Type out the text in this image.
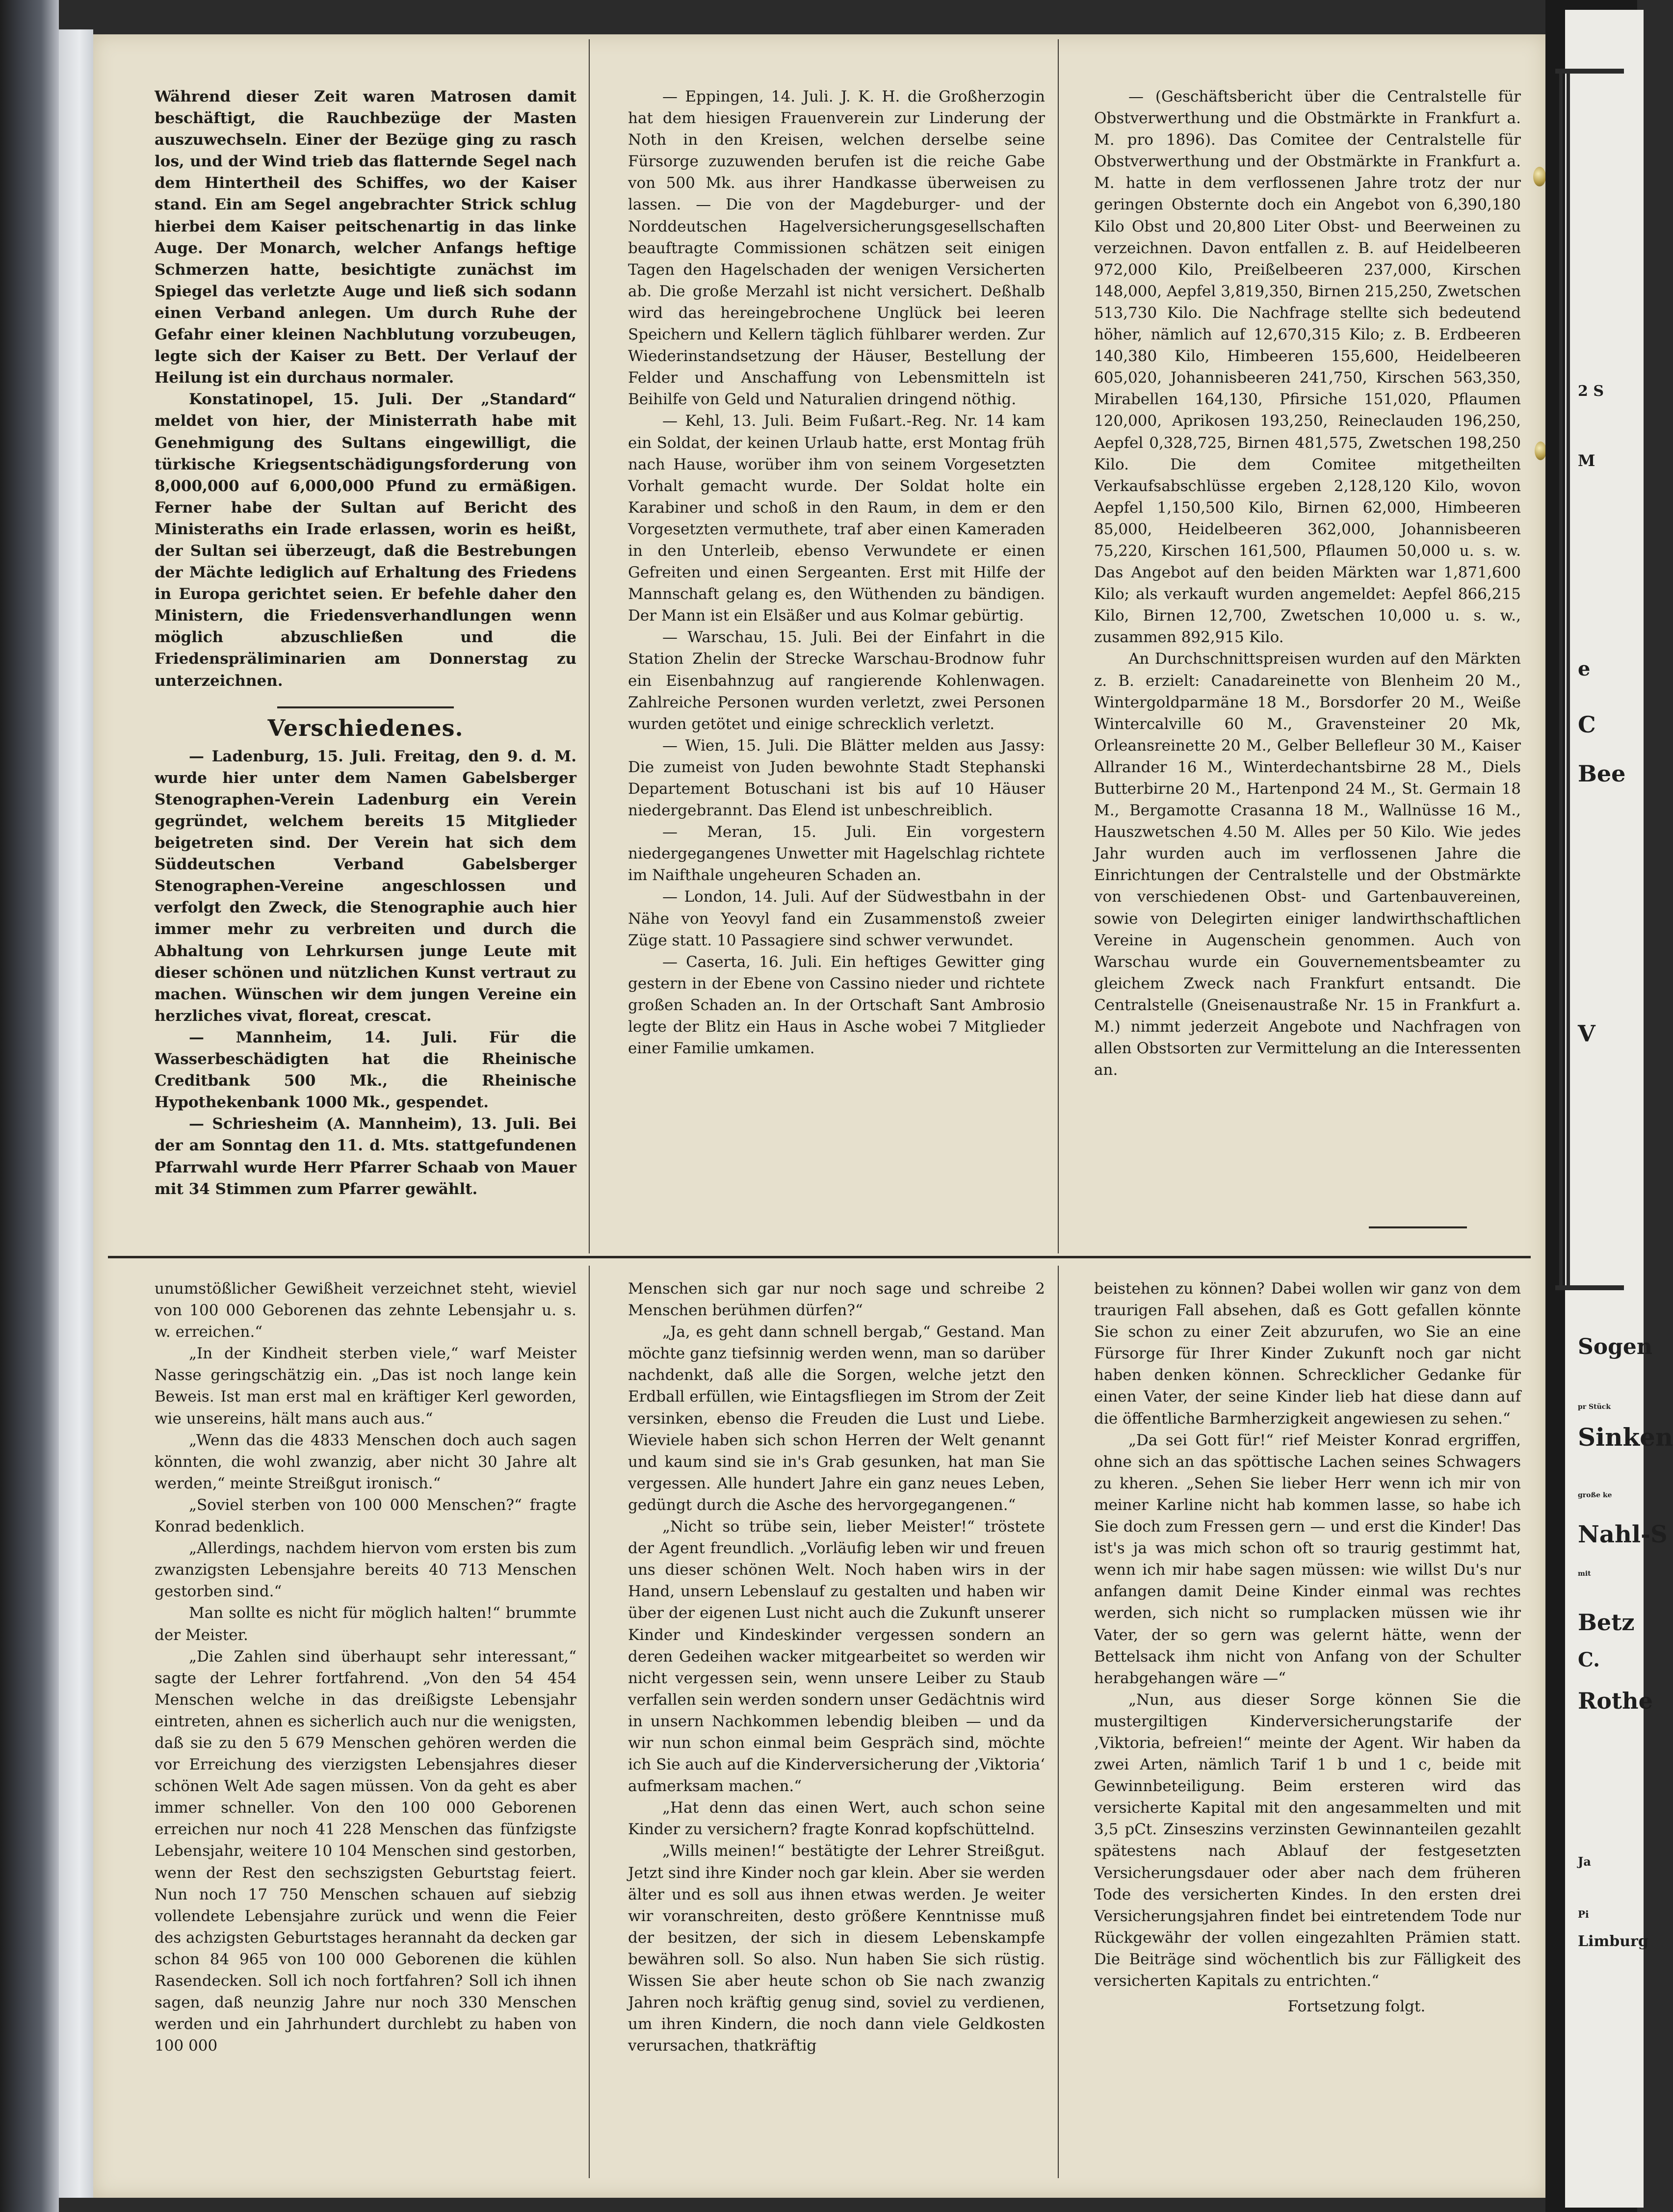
Während dieser Zeit waren Matrosen damit beschäftigt, die Rauchbezüge der Masten auszuwechseln. Einer der Bezüge ging zu rasch los, und der Wind trieb das flatternde Segel nach dem Hintertheil des Schiffes, wo der Kaiser stand. Ein am Segel angebrachter Strick schlug hierbei dem Kaiser peitschenartig in das linke Auge. Der Monarch, welcher Anfangs heftige Schmerzen hatte, besichtigte zunächst im Spiegel das verletzte Auge und ließ sich sodann einen Verband anlegen. Um durch Ruhe der Gefahr einer kleinen Nachblutung vorzubeugen, legte sich der Kaiser zu Bett. Der Verlauf der Heilung ist ein durchaus normaler.

Konstatinopel, 15. Juli. Der „Standard“ meldet von hier, der Ministerrath habe mit Genehmigung des Sultans eingewilligt, die türkische Kriegsentschädigungsforderung von 8,000,000 auf 6,000,000 Pfund zu ermäßigen. Ferner habe der Sultan auf Bericht des Ministeraths ein Irade erlassen, worin es heißt, der Sultan sei überzeugt, daß die Bestrebungen der Mächte lediglich auf Erhaltung des Friedens in Europa gerichtet seien. Er befehle daher den Ministern, die Friedensverhandlungen wenn möglich abzuschließen und die Friedenspräliminarien am Donnerstag zu unterzeichnen.

Verschiedenes.

— Ladenburg, 15. Juli. Freitag, den 9. d. M. wurde hier unter dem Namen Gabelsberger Stenographen-Verein Ladenburg ein Verein gegründet, welchem bereits 15 Mitglieder beigetreten sind. Der Verein hat sich dem Süddeutschen Verband Gabelsberger Stenographen-Vereine angeschlossen und verfolgt den Zweck, die Stenographie auch hier immer mehr zu verbreiten und durch die Abhaltung von Lehrkursen junge Leute mit dieser schönen und nützlichen Kunst vertraut zu machen. Wünschen wir dem jungen Vereine ein herzliches vivat, floreat, crescat.

— Mannheim, 14. Juli. Für die Wasserbeschädigten hat die Rheinische Creditbank 500 Mk., die Rheinische Hypothekenbank 1000 Mk., gespendet.

— Schriesheim (A. Mannheim), 13. Juli. Bei der am Sonntag den 11. d. Mts. stattgefundenen Pfarrwahl wurde Herr Pfarrer Schaab von Mauer mit 34 Stimmen zum Pfarrer gewählt.

— Eppingen, 14. Juli. J. K. H. die Großherzogin hat dem hiesigen Frauenverein zur Linderung der Noth in den Kreisen, welchen derselbe seine Fürsorge zuzuwenden berufen ist die reiche Gabe von 500 Mk. aus ihrer Handkasse überweisen zu lassen. — Die von der Magdeburger- und der Norddeutschen Hagelversicherungsgesellschaften beauftragte Commissionen schätzen seit einigen Tagen den Hagelschaden der wenigen Versicherten ab. Die große Merzahl ist nicht versichert. Deßhalb wird das hereingebrochene Unglück bei leeren Speichern und Kellern täglich fühlbarer werden. Zur Wiederinstandsetzung der Häuser, Bestellung der Felder und Anschaffung von Lebensmitteln ist Beihilfe von Geld und Naturalien dringend nöthig.

— Kehl, 13. Juli. Beim Fußart.-Reg. Nr. 14 kam ein Soldat, der keinen Urlaub hatte, erst Montag früh nach Hause, worüber ihm von seinem Vorgesetzten Vorhalt gemacht wurde. Der Soldat holte ein Karabiner und schoß in den Raum, in dem er den Vorgesetzten vermuthete, traf aber einen Kameraden in den Unterleib, ebenso Verwundete er einen Gefreiten und einen Sergeanten. Erst mit Hilfe der Mannschaft gelang es, den Wüthenden zu bändigen. Der Mann ist ein Elsäßer und aus Kolmar gebürtig.

— Warschau, 15. Juli. Bei der Einfahrt in die Station Zhelin der Strecke Warschau-Brodnow fuhr ein Eisenbahnzug auf rangierende Kohlenwagen. Zahlreiche Personen wurden verletzt, zwei Personen wurden getötet und einige schrecklich verletzt.

— Wien, 15. Juli. Die Blätter melden aus Jassy: Die zumeist von Juden bewohnte Stadt Stephanski Departement Botuschani ist bis auf 10 Häuser niedergebrannt. Das Elend ist unbeschreiblich.

— Meran, 15. Juli. Ein vorgestern niedergegangenes Unwetter mit Hagelschlag richtete im Naifthale ungeheuren Schaden an.

— London, 14. Juli. Auf der Südwestbahn in der Nähe von Yeovyl fand ein Zusammenstoß zweier Züge statt. 10 Passagiere sind schwer verwundet.

— Caserta, 16. Juli. Ein heftiges Gewitter ging gestern in der Ebene von Cassino nieder und richtete großen Schaden an. In der Ortschaft Sant Ambrosio legte der Blitz ein Haus in Asche wobei 7 Mitglieder einer Familie umkamen.

— (Geschäftsbericht über die Centralstelle für Obstverwerthung und die Obstmärkte in Frankfurt a. M. pro 1896). Das Comitee der Centralstelle für Obstverwerthung und der Obstmärkte in Frankfurt a. M. hatte in dem verflossenen Jahre trotz der nur geringen Obsternte doch ein Angebot von 6,390,180 Kilo Obst und 20,800 Liter Obst- und Beerweinen zu verzeichnen. Davon entfallen z. B. auf Heidelbeeren 972,000 Kilo, Preißelbeeren 237,000, Kirschen 148,000, Aepfel 3,819,350, Birnen 215,250, Zwetschen 513,730 Kilo. Die Nachfrage stellte sich bedeutend höher, nämlich auf 12,670,315 Kilo; z. B. Erdbeeren 140,380 Kilo, Himbeeren 155,600, Heidelbeeren 605,020, Johannisbeeren 241,750, Kirschen 563,350, Mirabellen 164,130, Pfirsiche 151,020, Pflaumen 120,000, Aprikosen 193,250, Reineclauden 196,250, Aepfel 0,328,725, Birnen 481,575, Zwetschen 198,250 Kilo. Die dem Comitee mitgetheilten Verkaufsabschlüsse ergeben 2,128,120 Kilo, wovon Aepfel 1,150,500 Kilo, Birnen 62,000, Himbeeren 85,000, Heidelbeeren 362,000, Johannisbeeren 75,220, Kirschen 161,500, Pflaumen 50,000 u. s. w. Das Angebot auf den beiden Märkten war 1,871,600 Kilo; als verkauft wurden angemeldet: Aepfel 866,215 Kilo, Birnen 12,700, Zwetschen 10,000 u. s. w., zusammen 892,915 Kilo.

An Durchschnittspreisen wurden auf den Märkten z. B. erzielt: Canadareinette von Blenheim 20 M., Wintergoldparmäne 18 M., Borsdorfer 20 M., Weiße Wintercalville 60 M., Gravensteiner 20 Mk, Orleansreinette 20 M., Gelber Bellefleur 30 M., Kaiser Allrander 16 M., Winterdechantsbirne 28 M., Diels Butterbirne 20 M., Hartenpond 24 M., St. Germain 18 M., Bergamotte Crasanna 18 M., Wallnüsse 16 M., Hauszwetschen 4.50 M. Alles per 50 Kilo. Wie jedes Jahr wurden auch im verflossenen Jahre die Einrichtungen der Centralstelle und der Obstmärkte von verschiedenen Obst- und Gartenbauvereinen, sowie von Delegirten einiger landwirthschaftlichen Vereine in Augenschein genommen. Auch von Warschau wurde ein Gouvernementsbeamter zu gleichem Zweck nach Frankfurt entsandt. Die Centralstelle (Gneisenaustraße Nr. 15 in Frankfurt a. M.) nimmt jederzeit Angebote und Nachfragen von allen Obstsorten zur Vermittelung an die Interessenten an.

unumstößlicher Gewißheit verzeichnet steht, wieviel von 100 000 Geborenen das zehnte Lebensjahr u. s. w. erreichen.“

„In der Kindheit sterben viele,“ warf Meister Nasse geringschätzig ein. „Das ist noch lange kein Beweis. Ist man erst mal en kräftiger Kerl geworden, wie unsereins, hält mans auch aus.“

„Wenn das die 4833 Menschen doch auch sagen könnten, die wohl zwanzig, aber nicht 30 Jahre alt werden,“ meinte Streißgut ironisch.“

„Soviel sterben von 100 000 Menschen?“ fragte Konrad bedenklich.

„Allerdings, nachdem hiervon vom ersten bis zum zwanzigsten Lebensjahre bereits 40 713 Menschen gestorben sind.“

Man sollte es nicht für möglich halten!“ brummte der Meister.

„Die Zahlen sind überhaupt sehr interessant,“ sagte der Lehrer fortfahrend. „Von den 54 454 Menschen welche in das dreißigste Lebensjahr eintreten, ahnen es sicherlich auch nur die wenigsten, daß sie zu den 5 679 Menschen gehören werden die vor Erreichung des vierzigsten Lebensjahres dieser schönen Welt Ade sagen müssen. Von da geht es aber immer schneller. Von den 100 000 Geborenen erreichen nur noch 41 228 Menschen das fünfzigste Lebensjahr, weitere 10 104 Menschen sind gestorben, wenn der Rest den sechszigsten Geburtstag feiert. Nun noch 17 750 Menschen schauen auf siebzig vollendete Lebensjahre zurück und wenn die Feier des achzigsten Geburtstages herannaht da decken gar schon 84 965 von 100 000 Geborenen die kühlen Rasendecken. Soll ich noch fortfahren? Soll ich ihnen sagen, daß neunzig Jahre nur noch 330 Menschen werden und ein Jahrhundert durchlebt zu haben von 100 000

Menschen sich gar nur noch sage und schreibe 2 Menschen berühmen dürfen?“

„Ja, es geht dann schnell bergab,“ Gestand. Man möchte ganz tiefsinnig werden wenn, man so darüber nachdenkt, daß alle die Sorgen, welche jetzt den Erdball erfüllen, wie Eintagsfliegen im Strom der Zeit versinken, ebenso die Freuden die Lust und Liebe. Wieviele haben sich schon Herren der Welt genannt und kaum sind sie in's Grab gesunken, hat man Sie vergessen. Alle hundert Jahre ein ganz neues Leben, gedüngt durch die Asche des hervorgegangenen.“

„Nicht so trübe sein, lieber Meister!“ tröstete der Agent freundlich. „Vorläufig leben wir und freuen uns dieser schönen Welt. Noch haben wirs in der Hand, unsern Lebenslauf zu gestalten und haben wir über der eigenen Lust nicht auch die Zukunft unserer Kinder und Kindeskinder vergessen sondern an deren Gedeihen wacker mitgearbeitet so werden wir nicht vergessen sein, wenn unsere Leiber zu Staub verfallen sein werden sondern unser Gedächtnis wird in unsern Nachkommen lebendig bleiben — und da wir nun schon einmal beim Gespräch sind, möchte ich Sie auch auf die Kinderversicherung der ‚Viktoria‘ aufmerksam machen.“

„Hat denn das einen Wert, auch schon seine Kinder zu versichern? fragte Konrad kopfschüttelnd.

„Wills meinen!“ bestätigte der Lehrer Streißgut. Jetzt sind ihre Kinder noch gar klein. Aber sie werden älter und es soll aus ihnen etwas werden. Je weiter wir voranschreiten, desto größere Kenntnisse muß der besitzen, der sich in diesem Lebenskampfe bewähren soll. So also. Nun haben Sie sich rüstig. Wissen Sie aber heute schon ob Sie nach zwanzig Jahren noch kräftig genug sind, soviel zu verdienen, um ihren Kindern, die noch dann viele Geldkosten verursachen, thatkräftig

beistehen zu können? Dabei wollen wir ganz von dem traurigen Fall absehen, daß es Gott gefallen könnte Sie schon zu einer Zeit abzurufen, wo Sie an eine Fürsorge für Ihrer Kinder Zukunft noch gar nicht haben denken können. Schrecklicher Gedanke für einen Vater, der seine Kinder lieb hat diese dann auf die öffentliche Barmherzigkeit angewiesen zu sehen.“

„Da sei Gott für!“ rief Meister Konrad ergriffen, ohne sich an das spöttische Lachen seines Schwagers zu kheren. „Sehen Sie lieber Herr wenn ich mir von meiner Karline nicht hab kommen lasse, so habe ich Sie doch zum Fressen gern — und erst die Kinder! Das ist's ja was mich schon oft so traurig gestimmt hat, wenn ich mir habe sagen müssen: wie willst Du's nur anfangen damit Deine Kinder einmal was rechtes werden, sich nicht so rumplacken müssen wie ihr Vater, der so gern was gelernt hätte, wenn der Bettelsack ihm nicht von Anfang von der Schulter herabgehangen wäre —“

„Nun, aus dieser Sorge können Sie die mustergiltigen Kinderversicherungstarife der ‚Viktoria, befreien!“ meinte der Agent. Wir haben da zwei Arten, nämlich Tarif 1 b und 1 c, beide mit Gewinnbeteiligung. Beim ersteren wird das versicherte Kapital mit den angesammelten und mit 3,5 pCt. Zinseszins verzinsten Gewinnanteilen gezahlt spätestens nach Ablauf der festgesetzten Versicherungsdauer oder aber nach dem früheren Tode des versicherten Kindes. In den ersten drei Versicherungsjahren findet bei eintretendem Tode nur Rückgewähr der vollen eingezahlten Prämien statt. Die Beiträge sind wöchentlich bis zur Fälligkeit des versicherten Kapitals zu entrichten.“

Fortsetzung folgt.

2 S
M
e
C
Bee
V
Sogen
pr Stück
Sinken
große ke
Nahl-S
mit
Betz
C.
Rothe
Ja
Pi
Limburg
